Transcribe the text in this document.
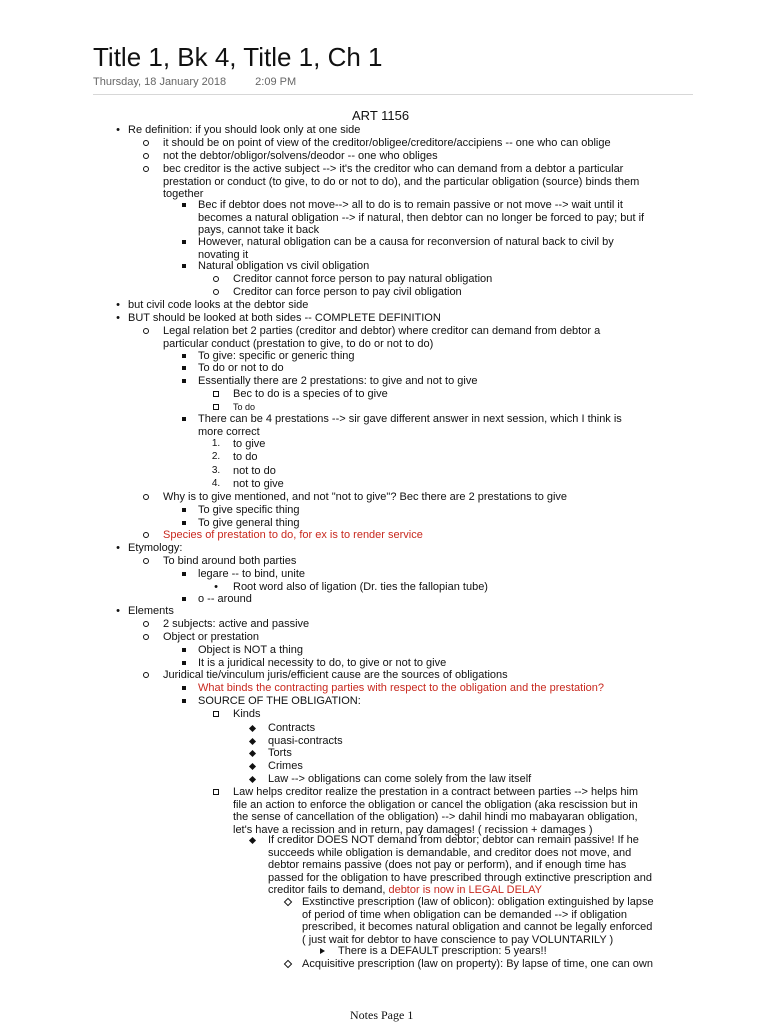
Title 1, Bk 4, Title 1, Ch 1
Thursday, 18 January 2018	2:09 PM
ART 1156
•
Re definition: if you should look only at one side
it should be on point of view of the creditor/obligee/creditore/accipiens -- one who can oblige
not the debtor/obligor/solvens/deodor -- one who obliges
bec creditor is the active subject --> it's the creditor who can demand from a debtor a particular
prestation or conduct (to give, to do or not to do), and the particular obligation (source) binds them
together
Bec if debtor does not move--> all to do is to remain passive or not move --> wait until it
becomes a natural obligation --> if natural, then debtor can no longer be forced to pay; but if
pays, cannot take it back
However, natural obligation can be a causa for reconversion of natural back to civil by
novating it
Natural obligation vs civil obligation
Creditor cannot force person to pay natural obligation
Creditor can force person to pay civil obligation
•
but civil code looks at the debtor side
•
BUT should be looked at both sides -- COMPLETE DEFINITION
Legal relation bet 2 parties (creditor and debtor) where creditor can demand from debtor a
particular conduct (prestation to give, to do or not to do)
To give: specific or generic thing
To do or not to do
Essentially there are 2 prestations: to give and not to give
Bec to do is a species of to give
To do
There can be 4 prestations --> sir gave different answer in next session, which I think is
more correct
1. to give
2. to do
3. not to do
4. not to give
Why is to give mentioned, and not "not to give"? Bec there are 2 prestations to give
To give specific thing
To give general thing
Species of prestation to do, for ex is to render service
•
Etymology:
To bind around both parties
legare -- to bind, unite
•
Root word also of ligation (Dr. ties the fallopian tube)
o -- around
•
Elements
2 subjects: active and passive
Object or prestation
Object is NOT a thing
It is a juridical necessity to do, to give or not to give
Juridical tie/vinculum juris/efficient cause are the sources of obligations
What binds the contracting parties with respect to the obligation and the prestation?
SOURCE OF THE OBLIGATION:
Kinds
Contracts
quasi-contracts
Torts
Crimes
Law --> obligations can come solely from the law itself
Law helps creditor realize the prestation in a contract between parties --> helps him
file an action to enforce the obligation or cancel the obligation (aka rescission but in
the sense of cancellation of the obligation) --> dahil hindi mo mabayaran obligation,
let's have a recission and in return, pay damages! ( recission + damages )
If creditor DOES NOT demand from debtor; debtor can remain passive! If he
succeeds while obligation is demandable, and creditor does not move, and
debtor remains passive (does not pay or perform), and if enough time has
passed for the obligation to have prescribed through extinctive prescription and
creditor fails to demand, debtor is now in LEGAL DELAY
Exstinctive prescription (law of oblicon): obligation extinguished by lapse
of period of time when obligation can be demanded --> if obligation
prescribed, it becomes natural obligation and cannot be legally enforced
( just wait for debtor to have conscience to pay VOLUNTARILY )
There is a DEFAULT prescription: 5 years!!
Acquisitive prescription (law on property): By lapse of time, one can own
Notes Page 1
